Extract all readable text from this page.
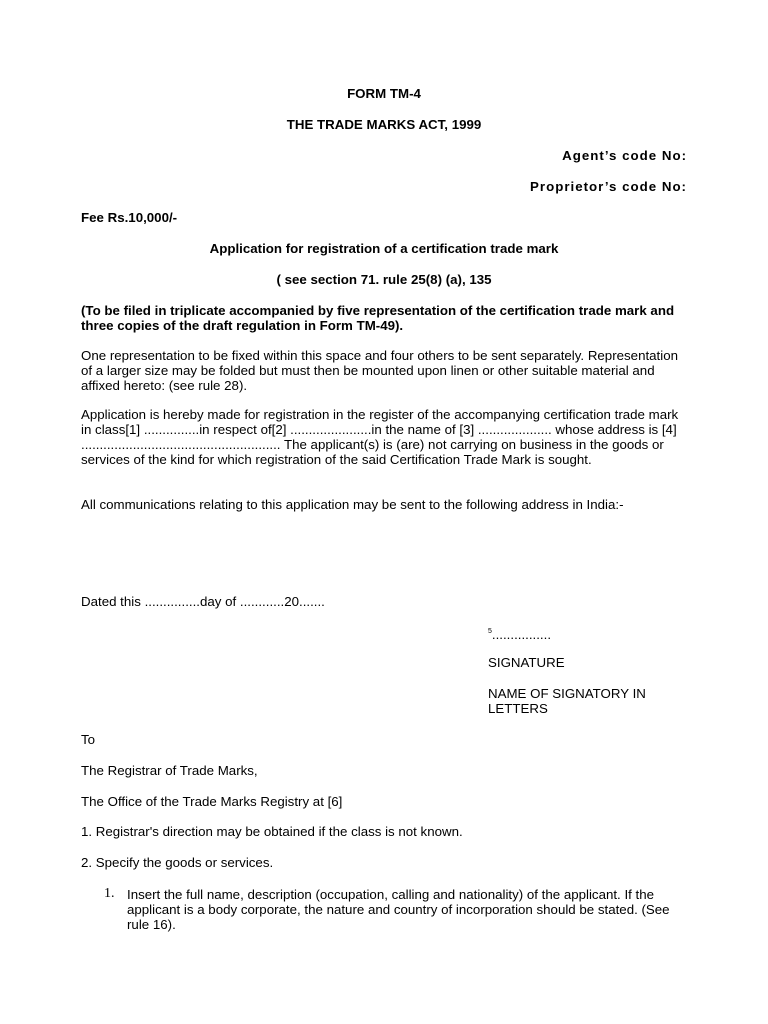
FORM TM-4
THE TRADE MARKS ACT, 1999
Agent’s code No:
Proprietor’s code No:
Fee Rs.10,000/-
Application for registration of a certification trade mark
( see section 71. rule 25(8) (a), 135
(To be filed in triplicate accompanied by five representation of the certification trade mark and three copies of the draft regulation in Form TM-49).
One representation to be fixed within this space and four others to be sent separately. Representation of a larger size may be folded but must then be mounted upon linen or other suitable material and affixed hereto: (see rule 28).
Application is hereby made for registration in the register of the accompanying certification trade mark in class[1] ...............in respect of[2] ......................in the name of [3] .................... whose address is [4] ...................................................... The applicant(s) is (are) not carrying on business in the goods or services of the kind for which registration of the said Certification Trade Mark is sought.
All communications relating to this application may be sent to the following address in India:-
Dated this ...............day of ............20.......
$^5$................
SIGNATURE
NAME OF SIGNATORY IN
LETTERS
To
The Registrar of Trade Marks,
The Office of the Trade Marks Registry at [6]
1. Registrar's direction may be obtained if the class is not known.
2. Specify the goods or services.
1. Insert the full name, description (occupation, calling and nationality) of the applicant. If the applicant is a body corporate, the nature and country of incorporation should be stated. (See rule 16).
